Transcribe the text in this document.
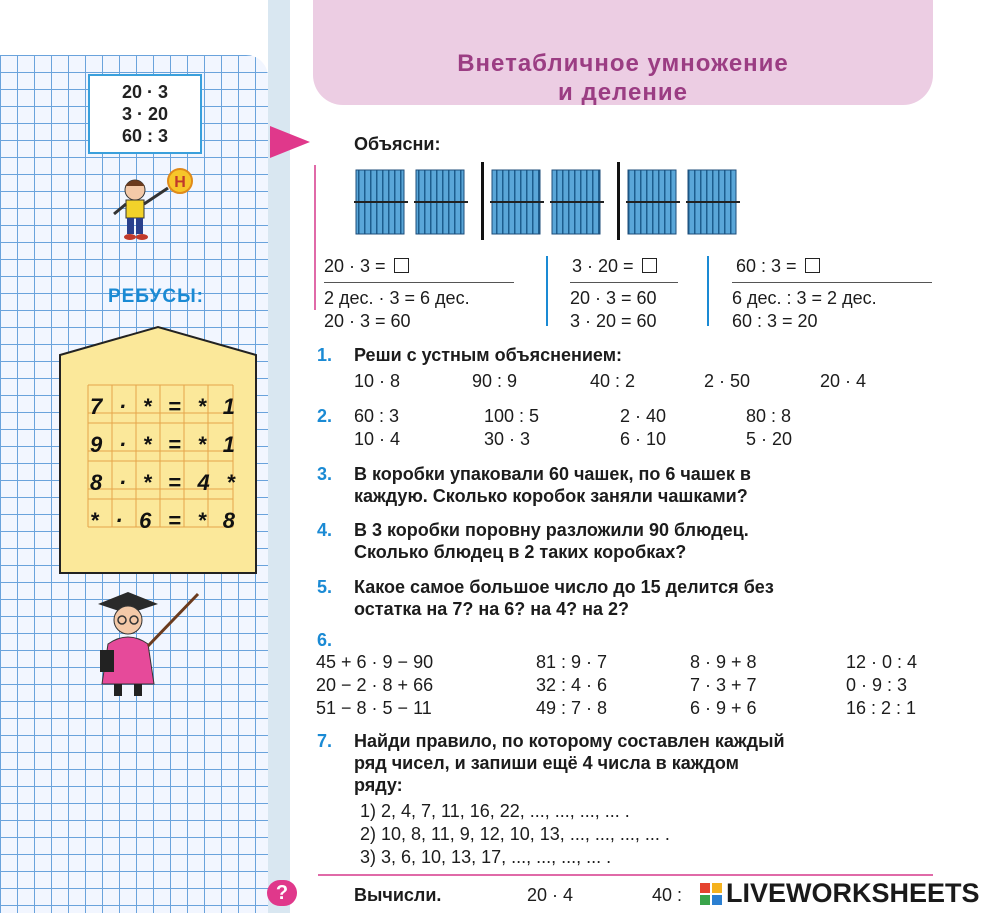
20 · 3
3 · 20
60 : 3
Н
РЕБУСЫ:
7 · * = * 1
9 · * = * 1
8 · * = 4 *
* · 6 = * 8
Внетабличное умножение
и деление
Объясни:
20 · 3 =
2 дес. · 3 = 6 дес.
20 · 3 = 60
3 · 20 =
20 · 3 = 60
3 · 20 = 60
60 : 3 =
6 дес. : 3 = 2 дес.
60 : 3 = 20
1. Реши с устным объяснением:
10 · 8	90 : 9	40 : 2	2 · 50	20 · 4
2. 60 : 3	100 : 5	2 · 40	80 : 8
10 · 4	30 · 3	6 · 10	5 · 20
3. В коробки упаковали 60 чашек, по 6 чашек в
каждую. Сколько коробок заняли чашками?
4. В 3 коробки поровну разложили 90 блюдец.
Сколько блюдец в 2 таких коробках?
5. Какое самое большое число до 15 делится без
остатка на 7? на 6? на 4? на 2?
6.
45 + 6 · 9 − 90	81 : 9 · 7	8 · 9 + 8	12 · 0 : 4
20 − 2 · 8 + 66	32 : 4 · 6	7 · 3 + 7	0 · 9 : 3
51 − 8 · 5 − 11	49 : 7 · 8	6 · 9 + 6	16 : 2 : 1
7. Найди правило, по которому составлен каждый
ряд чисел, и запиши ещё 4 числа в каждом
ряду:
1) 2, 4, 7, 11, 16, 22, ..., ..., ..., ... .
2) 10, 8, 11, 9, 12, 10, 13, ..., ..., ..., ... .
3) 3, 6, 10, 13, 17, ..., ..., ..., ... .
?	Вычисли.	20 · 4	40 : LIVEWORKSHEETS
